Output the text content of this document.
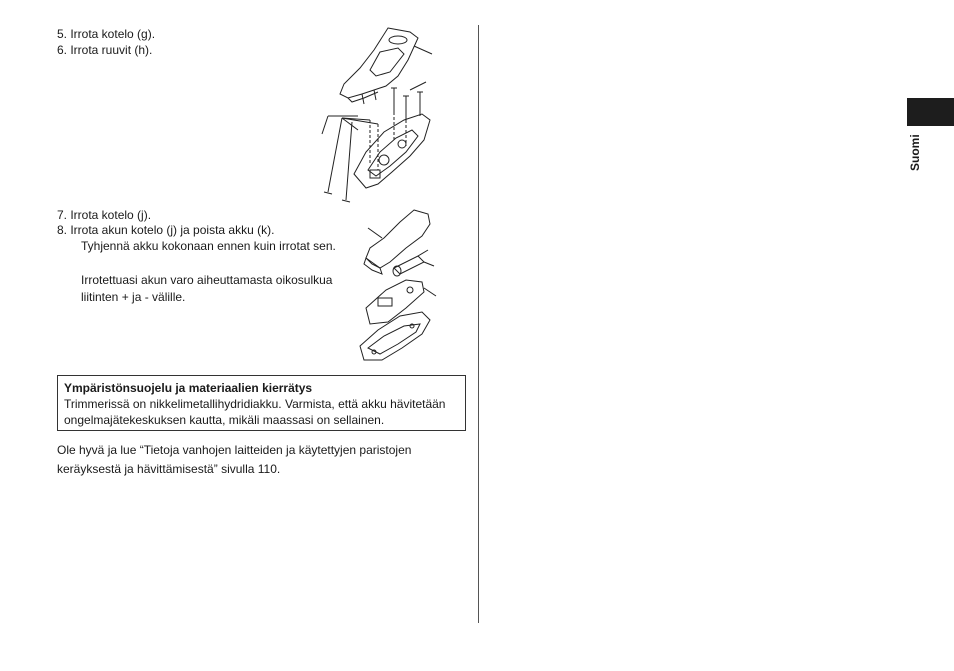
5. Irrota kotelo (g).
6. Irrota ruuvit (h).
7. Irrota kotelo (j).
8. Irrota akun kotelo (j) ja poista akku (k).
Tyhjennä akku kokonaan ennen kuin irrotat sen.
Irrotettuasi akun varo aiheuttamasta oikosulkua liitinten + ja - välille.
Ympäristönsuojelu ja materiaalien kierrätys
Trimmerissä on nikkelimetallihydridiakku. Varmista, että akku hävitetään ongelmajätekeskuksen kautta, mikäli maassasi on sellainen.
Ole hyvä ja lue “Tietoja vanhojen laitteiden ja käytettyjen paristojen keräyksestä ja hävittämisestä” sivulla 110.
Suomi
